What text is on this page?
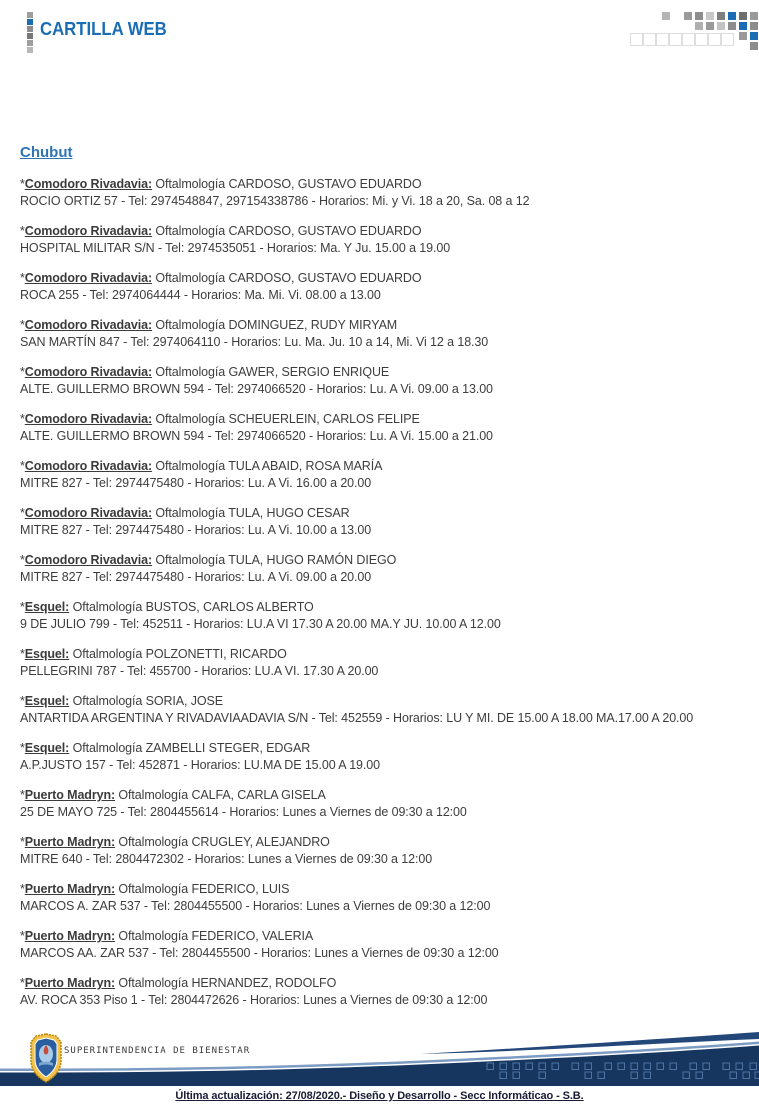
CARTILLA WEB
Chubut
*Comodoro Rivadavia: Oftalmología CARDOSO, GUSTAVO EDUARDO
ROCIO ORTIZ 57 - Tel: 2974548847, 297154338786 - Horarios: Mi. y Vi. 18 a 20, Sa. 08 a 12
*Comodoro Rivadavia: Oftalmología CARDOSO, GUSTAVO EDUARDO
HOSPITAL MILITAR S/N - Tel: 2974535051 - Horarios: Ma. Y Ju. 15.00 a 19.00
*Comodoro Rivadavia: Oftalmología CARDOSO, GUSTAVO EDUARDO
ROCA 255 - Tel: 2974064444 - Horarios: Ma. Mi. Vi. 08.00 a 13.00
*Comodoro Rivadavia: Oftalmología DOMINGUEZ, RUDY MIRYAM
SAN MARTÍN 847 - Tel: 2974064110 - Horarios: Lu. Ma. Ju. 10 a 14, Mi. Vi 12 a 18.30
*Comodoro Rivadavia: Oftalmología GAWER, SERGIO ENRIQUE
ALTE. GUILLERMO BROWN 594 - Tel: 2974066520 - Horarios: Lu. A Vi. 09.00 a 13.00
*Comodoro Rivadavia: Oftalmología SCHEUERLEIN, CARLOS FELIPE
ALTE. GUILLERMO BROWN 594 - Tel: 2974066520 - Horarios: Lu. A Vi. 15.00 a 21.00
*Comodoro Rivadavia: Oftalmología TULA ABAID, ROSA MARÍA
MITRE 827 - Tel: 2974475480 - Horarios: Lu. A Vi. 16.00 a 20.00
*Comodoro Rivadavia: Oftalmología TULA, HUGO CESAR
MITRE 827 - Tel: 2974475480 - Horarios: Lu. A Vi. 10.00 a 13.00
*Comodoro Rivadavia: Oftalmología TULA, HUGO RAMÓN DIEGO
MITRE 827 - Tel: 2974475480 - Horarios: Lu. A Vi. 09.00 a 20.00
*Esquel: Oftalmología BUSTOS, CARLOS ALBERTO
9 DE JULIO 799 - Tel: 452511 - Horarios: LU.A VI 17.30 A 20.00 MA.Y JU. 10.00 A 12.00
*Esquel: Oftalmología POLZONETTI, RICARDO
PELLEGRINI 787 - Tel: 455700 - Horarios: LU.A VI. 17.30 A 20.00
*Esquel: Oftalmología SORIA, JOSE
ANTARTIDA ARGENTINA Y RIVADAVIAADAVIA S/N - Tel: 452559 - Horarios: LU Y MI. DE 15.00 A 18.00 MA.17.00 A 20.00
*Esquel: Oftalmología ZAMBELLI STEGER, EDGAR
A.P.JUSTO 157 - Tel: 452871 - Horarios: LU.MA DE 15.00 A 19.00
*Puerto Madryn: Oftalmología CALFA, CARLA GISELA
25 DE MAYO 725 - Tel: 2804455614 - Horarios: Lunes a Viernes de 09:30 a 12:00
*Puerto Madryn: Oftalmología CRUGLEY, ALEJANDRO
MITRE 640 - Tel: 2804472302 - Horarios: Lunes a Viernes de 09:30 a 12:00
*Puerto Madryn: Oftalmología FEDERICO, LUIS
MARCOS A. ZAR 537 - Tel: 2804455500 - Horarios: Lunes a Viernes de 09:30 a 12:00
*Puerto Madryn: Oftalmología FEDERICO, VALERIA
MARCOS AA. ZAR 537 - Tel: 2804455500 - Horarios: Lunes a Viernes de 09:30 a 12:00
*Puerto Madryn: Oftalmología HERNANDEZ, RODOLFO
AV. ROCA 353 Piso 1 - Tel: 2804472626 - Horarios: Lunes a Viernes de 09:30 a 12:00
SUPERINTENDENCIA DE BIENESTAR
Última actualización: 27/08/2020.- Diseño y Desarrollo - Secc Informáticao - S.B.
